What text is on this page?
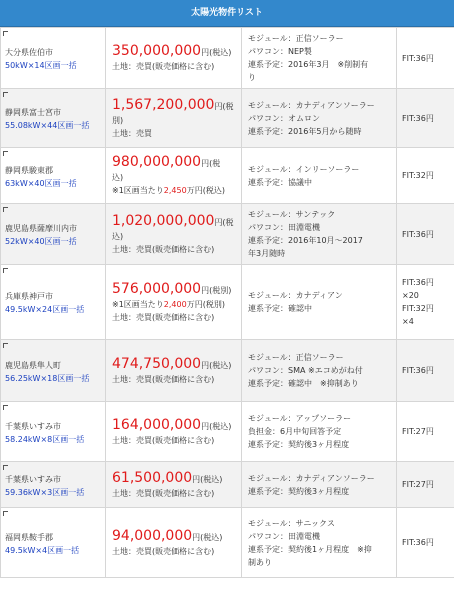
太陽光物件リスト
大分県佐伯市
50kW×14区画一括	350,000,000円(税込)
土地：売買(販売価格に含む)	モジュール：正信ソーラー
パワコン：NEP製
連系予定：2016年3月　※削制有
り	FIT:36円

静岡県富士宮市
55.08kW×44区画一括	1,567,200,000円(税
別)
土地：売買	モジュール：カナディアンソーラー
パワコン：オムロン
連系予定：2016年5月から随時	FIT:36円

静岡県駿東郡
63kW×40区画一括	980,000,000円(税
込)
※1区画当たり2,450万円(税込)	モジュール：インリーソーラー
連系予定：協議中	FIT:32円

鹿児島県薩摩川内市
52kW×40区画一括	1,020,000,000円(税
込)
土地：売買(販売価格に含む)	モジュール：サンテック
パワコン：田淵電機
連系予定：2016年10月～2017
年3月随時	FIT:36円

兵庫県神戸市
49.5kW×24区画一括	576,000,000円(税別)
※1区画当たり2,400万円(税別)
土地：売買(販売価格に含む)	モジュール：カナディアン
連系予定：確認中	FIT:36円
×20
FIT:32円
×4

鹿児島県隼人町
56.25kW×18区画一括	474,750,000円(税込)
土地：売買(販売価格に含む)	モジュール：正信ソーラー
パワコン：SMA ※エコめがね付
連系予定：確認中　※抑制あり	FIT:36円

千葉県いすみ市
58.24kW×8区画一括	164,000,000円(税込)
土地：売買(販売価格に含む)	モジュール：アップソーラー
負担金：6月中旬回答予定
連系予定：契約後3ヶ月程度	FIT:27円

千葉県いすみ市
59.36kW×3区画一括	61,500,000円(税込)
土地：売買(販売価格に含む)	モジュール：カナディアンソーラー
連系予定：契約後3ヶ月程度	FIT:27円

福岡県鞍手郡
49.5kW×4区画一括	94,000,000円(税込)
土地：売買(販売価格に含む)	モジュール：サニックス
パワコン：田淵電機
連系予定：契約後1ヶ月程度　※抑
制あり	FIT:36円
